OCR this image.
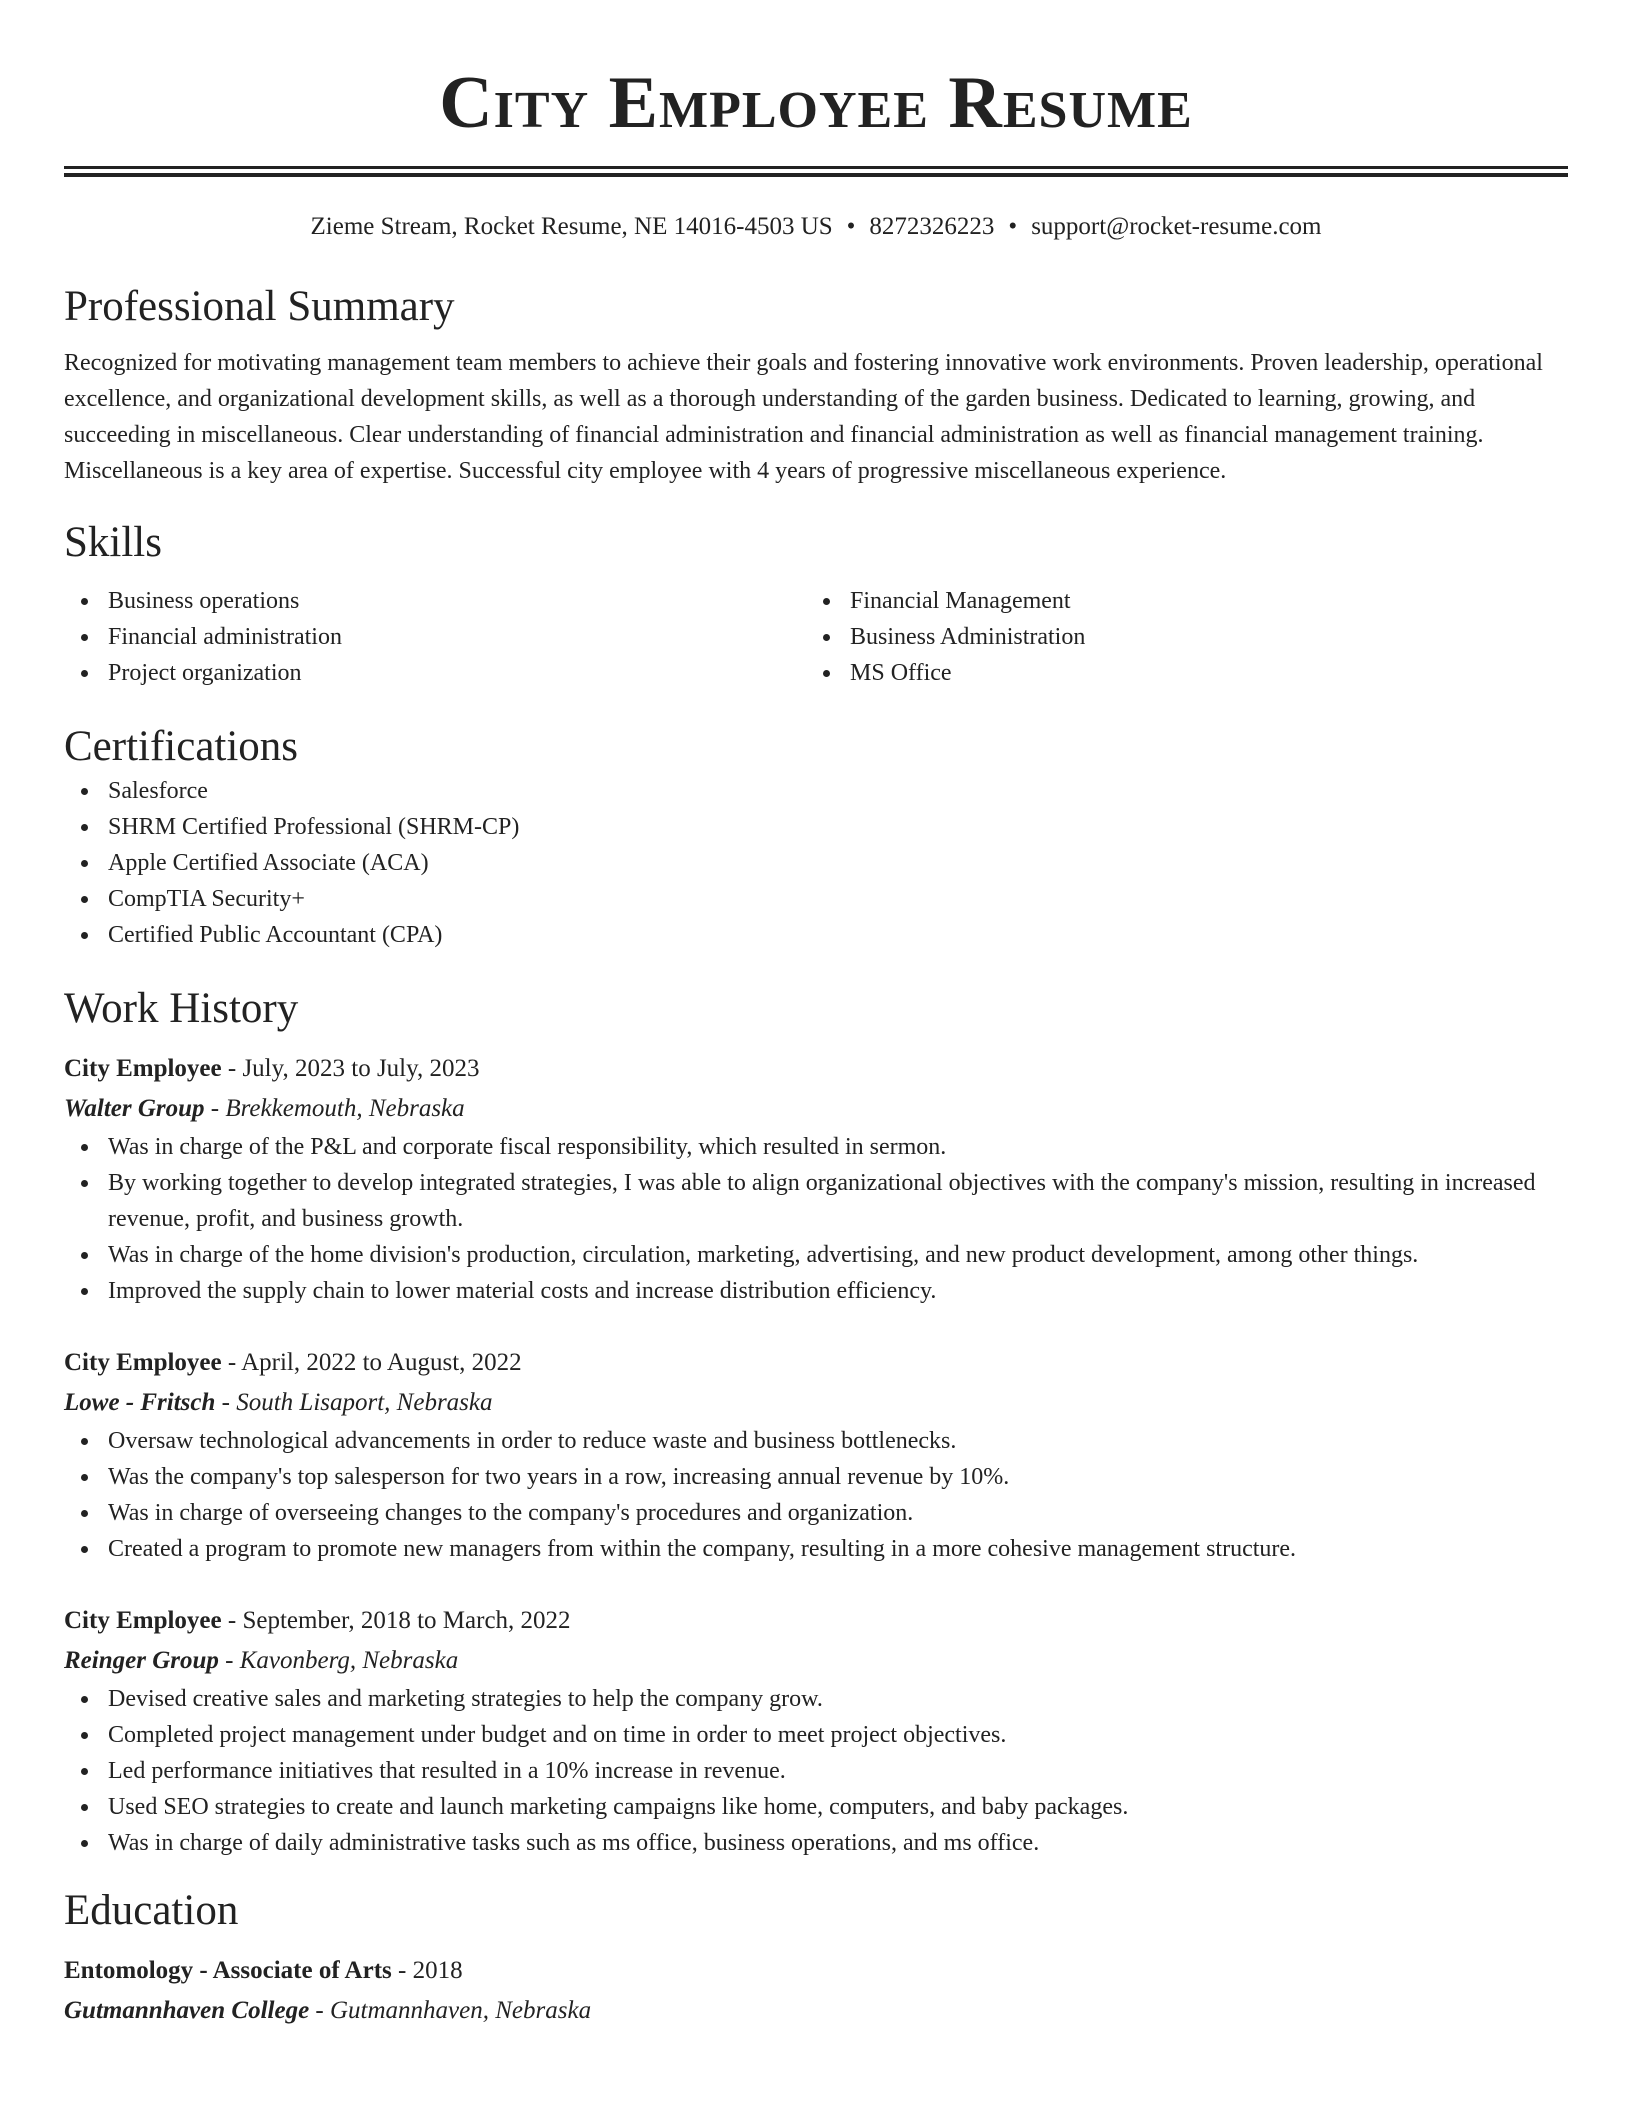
City Employee Resume
Zieme Stream, Rocket Resume, NE 14016-4503 US • 8272326223 • support@rocket-resume.com
Professional Summary
Recognized for motivating management team members to achieve their goals and fostering innovative work environments. Proven leadership, operational excellence, and organizational development skills, as well as a thorough understanding of the garden business. Dedicated to learning, growing, and succeeding in miscellaneous. Clear understanding of financial administration and financial administration as well as financial management training. Miscellaneous is a key area of expertise. Successful city employee with 4 years of progressive miscellaneous experience.
Skills
Business operations
Financial administration
Project organization
Financial Management
Business Administration
MS Office
Certifications
Salesforce
SHRM Certified Professional (SHRM-CP)
Apple Certified Associate (ACA)
CompTIA Security+
Certified Public Accountant (CPA)
Work History
City Employee - July, 2023 to July, 2023
Walter Group - Brekkemouth, Nebraska
Was in charge of the P&L and corporate fiscal responsibility, which resulted in sermon.
By working together to develop integrated strategies, I was able to align organizational objectives with the company's mission, resulting in increased revenue, profit, and business growth.
Was in charge of the home division's production, circulation, marketing, advertising, and new product development, among other things.
Improved the supply chain to lower material costs and increase distribution efficiency.
City Employee - April, 2022 to August, 2022
Lowe - Fritsch - South Lisaport, Nebraska
Oversaw technological advancements in order to reduce waste and business bottlenecks.
Was the company's top salesperson for two years in a row, increasing annual revenue by 10%.
Was in charge of overseeing changes to the company's procedures and organization.
Created a program to promote new managers from within the company, resulting in a more cohesive management structure.
City Employee - September, 2018 to March, 2022
Reinger Group - Kavonberg, Nebraska
Devised creative sales and marketing strategies to help the company grow.
Completed project management under budget and on time in order to meet project objectives.
Led performance initiatives that resulted in a 10% increase in revenue.
Used SEO strategies to create and launch marketing campaigns like home, computers, and baby packages.
Was in charge of daily administrative tasks such as ms office, business operations, and ms office.
Education
Entomology - Associate of Arts - 2018
Gutmannhaven College - Gutmannhaven, Nebraska
